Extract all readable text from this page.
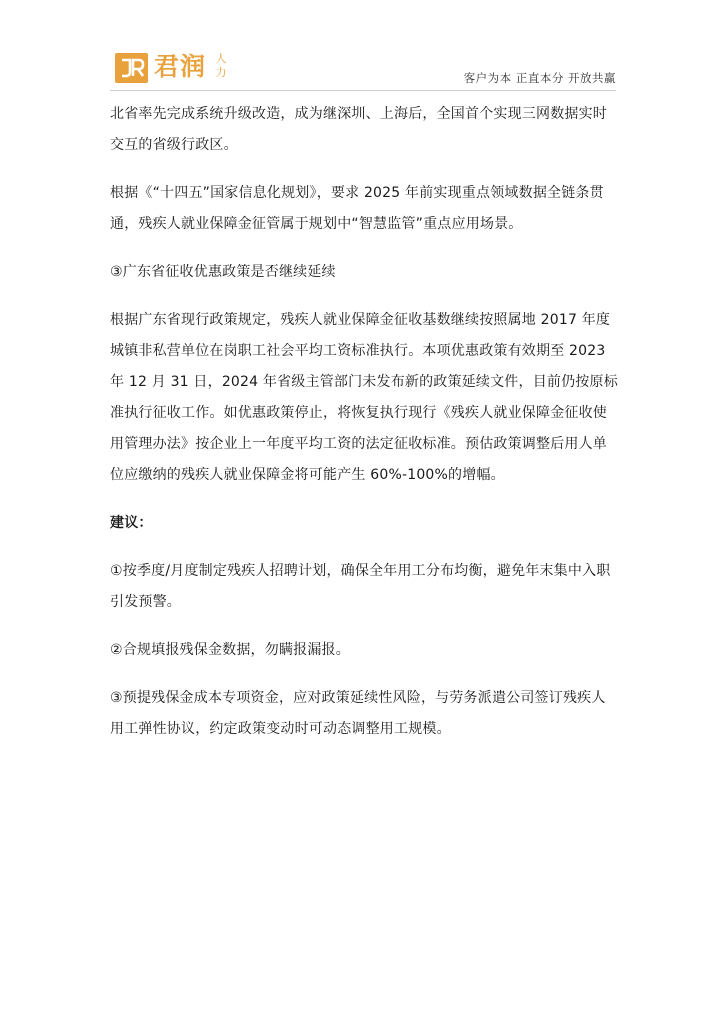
君润 人
力	客户为本 正直本分 开放共赢

北省率先完成系统升级改造，成为继深圳、上海后，全国首个实现三网数据实时交互的省级行政区。

根据《“十四五”国家信息化规划》，要求 2025 年前实现重点领域数据全链条贯通，残疾人就业保障金征管属于规划中“智慧监管”重点应用场景。

③广东省征收优惠政策是否继续延续

根据广东省现行政策规定，残疾人就业保障金征收基数继续按照属地 2017 年度城镇非私营单位在岗职工社会平均工资标准执行。本项优惠政策有效期至 2023 年 12 月 31 日，2024 年省级主管部门未发布新的政策延续文件，目前仍按原标准执行征收工作。如优惠政策停止，将恢复执行现行《残疾人就业保障金征收使用管理办法》按企业上一年度平均工资的法定征收标准。预估政策调整后用人单位应缴纳的残疾人就业保障金将可能产生 60%-100%的增幅。

建议：

①按季度/月度制定残疾人招聘计划，确保全年用工分布均衡，避免年末集中入职引发预警。

②合规填报残保金数据，勿瞒报漏报。

③预提残保金成本专项资金，应对政策延续性风险，与劳务派遣公司签订残疾人用工弹性协议，约定政策变动时可动态调整用工规模。
